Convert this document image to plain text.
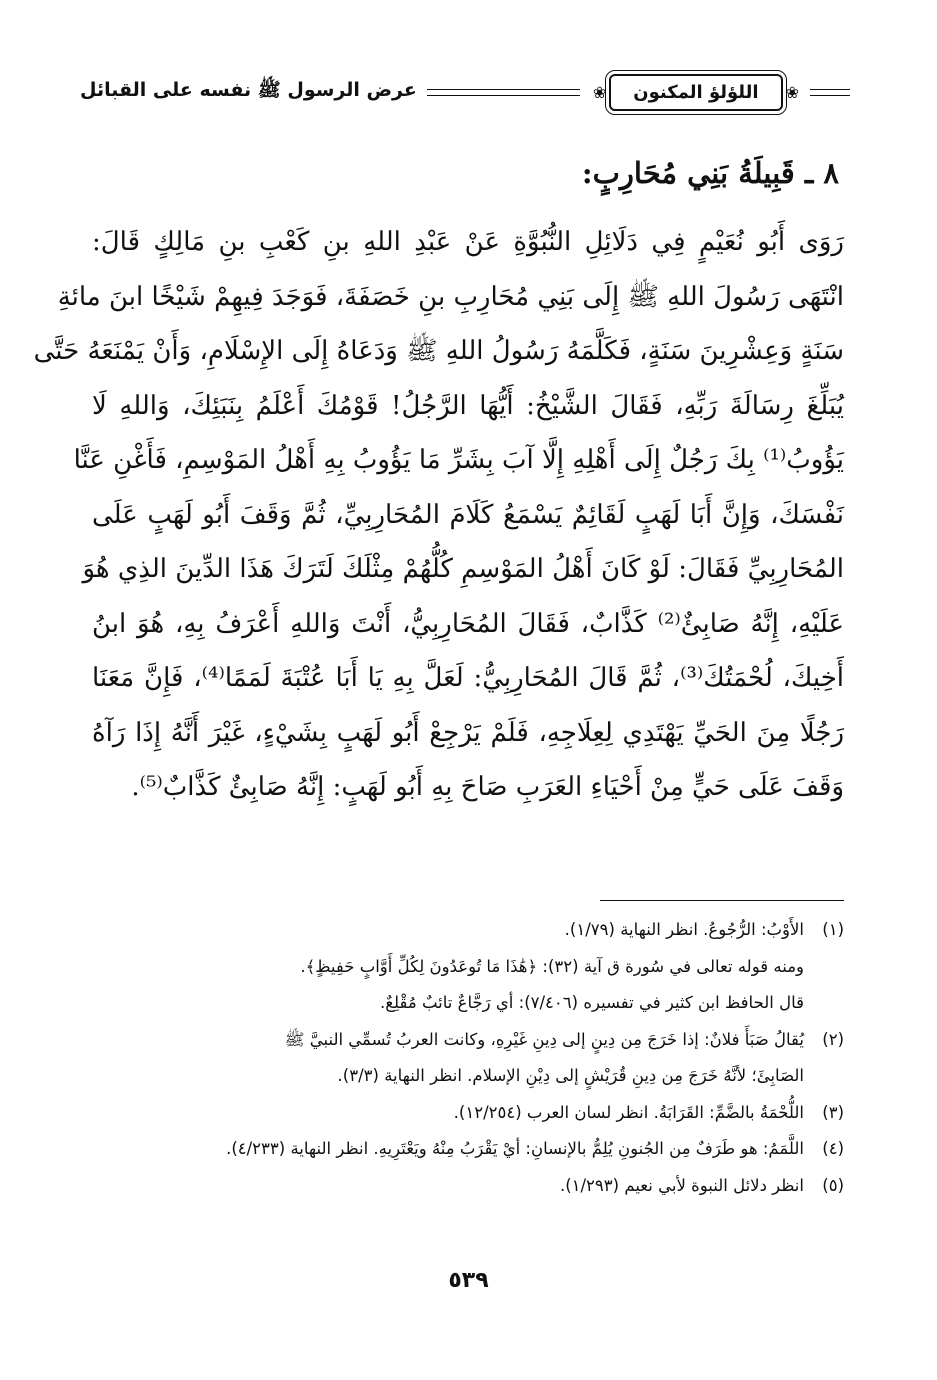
عرض الرسول ﷺ نفسه على القبائل	❀	اللؤلؤ المكنون	❀
٨ ـ قَبِيلَةُ بَنِي مُحَارِبٍ:
رَوَى أَبُو نُعَيْمٍ فِي دَلَائِلِ النُّبُوَّةِ عَنْ عَبْدِ اللهِ بنِ كَعْبِ بنِ مَالِكٍ قَالَ:
انْتَهَى رَسُولَ اللهِ ﷺ إِلَى بَنِي مُحَارِبِ بنِ خَصَفَةَ، فَوَجَدَ فِيهِمْ شَيْخًا ابنَ مائةِ
سَنَةٍ وَعِشْرِينَ سَنَةٍ، فَكَلَّمَهُ رَسُولُ اللهِ ﷺ وَدَعَاهُ إِلَى الإِسْلَامِ، وَأَنْ يَمْنَعَهُ حَتَّى
يُبَلِّغَ رِسَالَةَ رَبِّهِ، فَقَالَ الشَّيْخُ: أَيُّهَا الرَّجُلُ! قَوْمُكَ أَعْلَمُ بِنَبَئِكَ، وَاللهِ لَا
يَؤُوبُ⁽¹⁾ بِكَ رَجُلٌ إِلَى أَهْلِهِ إِلَّا آبَ بِشَرِّ مَا يَؤُوبُ بِهِ أَهْلُ المَوْسِمِ، فَأَغْنِ عَنَّا
نَفْسَكَ، وَإِنَّ أَبَا لَهَبٍ لَقَائِمٌ يَسْمَعُ كَلَامَ المُحَارِبِيِّ، ثُمَّ وَقَفَ أَبُو لَهَبٍ عَلَى
المُحَارِبِيِّ فَقَالَ: لَوْ كَانَ أَهْلُ المَوْسِمِ كُلُّهُمْ مِثْلَكَ لَتَرَكَ هَذَا الدِّينَ الذِي هُوَ
عَلَيْهِ، إِنَّهُ صَابِئٌ⁽²⁾ كَذَّابٌ، فَقَالَ المُحَارِبِيُّ، أَنْتَ وَاللهِ أَعْرَفُ بِهِ، هُوَ ابنُ
أَخِيكَ، لُحْمَتُكَ⁽³⁾، ثُمَّ قَالَ المُحَارِبِيُّ: لَعَلَّ بِهِ يَا أَبَا عُتْبَةَ لَمَمًا⁽⁴⁾، فَإِنَّ مَعَنَا
رَجُلًا مِنَ الحَيِّ يَهْتَدِي لِعِلَاجِهِ، فَلَمْ يَرْجِعْ أَبُو لَهَبٍ بِشَيْءٍ، غَيْرَ أَنَّهُ إِذَا رَآهُ
وَقَفَ عَلَى حَيٍّ مِنْ أَحْيَاءِ العَرَبِ صَاحَ بِهِ أَبُو لَهَبٍ: إِنَّهُ صَابِئٌ كَذَّابٌ⁽⁵⁾.
(١)الأَوْبُ: الرُّجُوعُ. انظر النهاية (١/٧٩).
ومنه قوله تعالى في سُورة ق آية (٣٢): ﴿هَٰذَا مَا تُوعَدُونَ لِكُلِّ أَوَّابٍ حَفِيظٍ﴾.
قال الحافظ ابن كثير في تفسيره (٧/٤٠٦): أي رَجَّاعٌ تائبٌ مُقْلِعٌ.
(٢)يُقالُ صَبَأَ فلانٌ: إذا خَرَجَ مِن دِينٍ إلى دِينِ غَيْرِهِ، وكانت العربُ تُسمِّي النبيَّ ﷺ
الصَابِئَ؛ لأنَّهُ خَرَجَ مِن دِينِ قُرَيْشٍ إلى دِيْنِ الإسلام. انظر النهاية (٣/٣).
(٣)اللُّحْمَةُ بالضَّمِّ: القَرَابَةُ. انظر لسان العرب (١٢/٢٥٤).
(٤)اللَّمَمُ: هو طَرَفٌ مِن الجُنونِ يُلِمُّ بالإنسانِ: أيْ يَقْرَبُ مِنْهُ ويَعْتَرِيهِ. انظر النهاية (٤/٢٣٣).
(٥)انظر دلائل النبوة لأبي نعيم (١/٢٩٣).
٥٣٩
